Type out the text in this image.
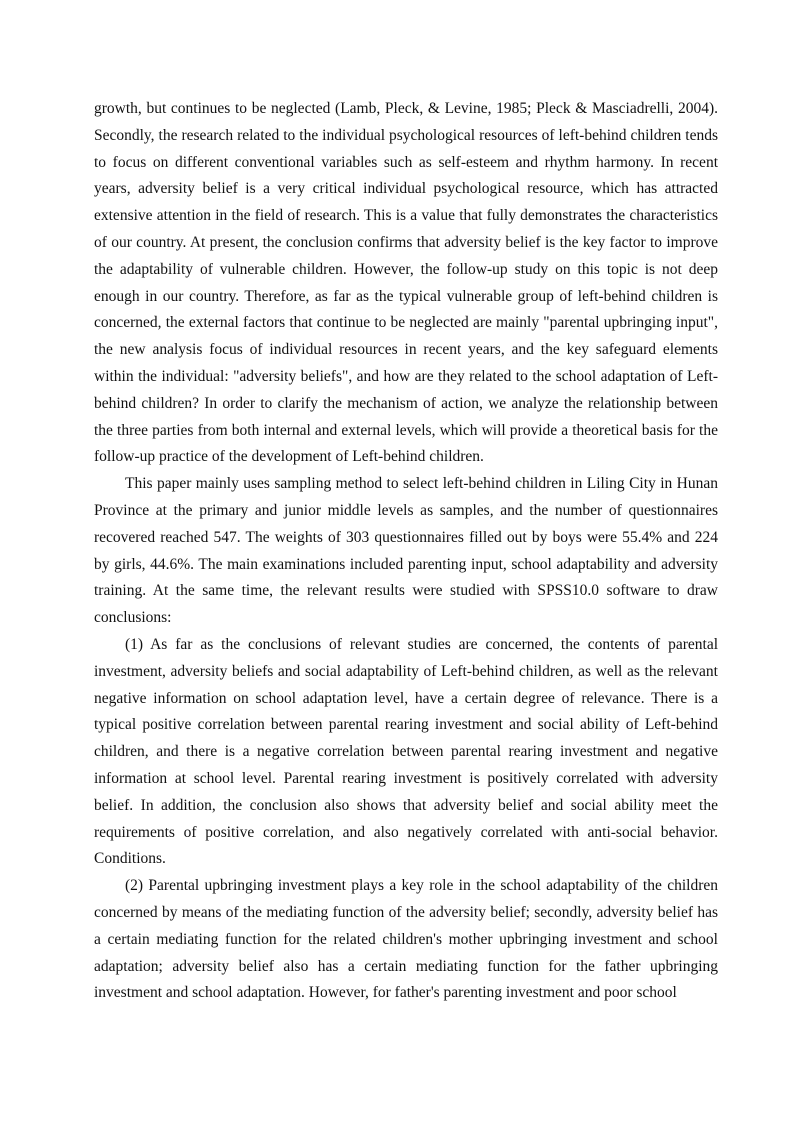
growth, but continues to be neglected (Lamb, Pleck, & Levine, 1985; Pleck & Masciadrelli, 2004). Secondly, the research related to the individual psychological resources of left-behind children tends to focus on different conventional variables such as self-esteem and rhythm harmony. In recent years, adversity belief is a very critical individual psychological resource, which has attracted extensive attention in the field of research. This is a value that fully demonstrates the characteristics of our country. At present, the conclusion confirms that adversity belief is the key factor to improve the adaptability of vulnerable children. However, the follow-up study on this topic is not deep enough in our country. Therefore, as far as the typical vulnerable group of left-behind children is concerned, the external factors that continue to be neglected are mainly "parental upbringing input", the new analysis focus of individual resources in recent years, and the key safeguard elements within the individual: "adversity beliefs", and how are they related to the school adaptation of Left-behind children? In order to clarify the mechanism of action, we analyze the relationship between the three parties from both internal and external levels, which will provide a theoretical basis for the follow-up practice of the development of Left-behind children.

This paper mainly uses sampling method to select left-behind children in Liling City in Hunan Province at the primary and junior middle levels as samples, and the number of questionnaires recovered reached 547. The weights of 303 questionnaires filled out by boys were 55.4% and 224 by girls, 44.6%. The main examinations included parenting input, school adaptability and adversity training. At the same time, the relevant results were studied with SPSS10.0 software to draw conclusions:

(1) As far as the conclusions of relevant studies are concerned, the contents of parental investment, adversity beliefs and social adaptability of Left-behind children, as well as the relevant negative information on school adaptation level, have a certain degree of relevance. There is a typical positive correlation between parental rearing investment and social ability of Left-behind children, and there is a negative correlation between parental rearing investment and negative information at school level. Parental rearing investment is positively correlated with adversity belief. In addition, the conclusion also shows that adversity belief and social ability meet the requirements of positive correlation, and also negatively correlated with anti-social behavior. Conditions.

(2) Parental upbringing investment plays a key role in the school adaptability of the children concerned by means of the mediating function of the adversity belief; secondly, adversity belief has a certain mediating function for the related children's mother upbringing investment and school adaptation; adversity belief also has a certain mediating function for the father upbringing investment and school adaptation. However, for father's parenting investment and poor school
